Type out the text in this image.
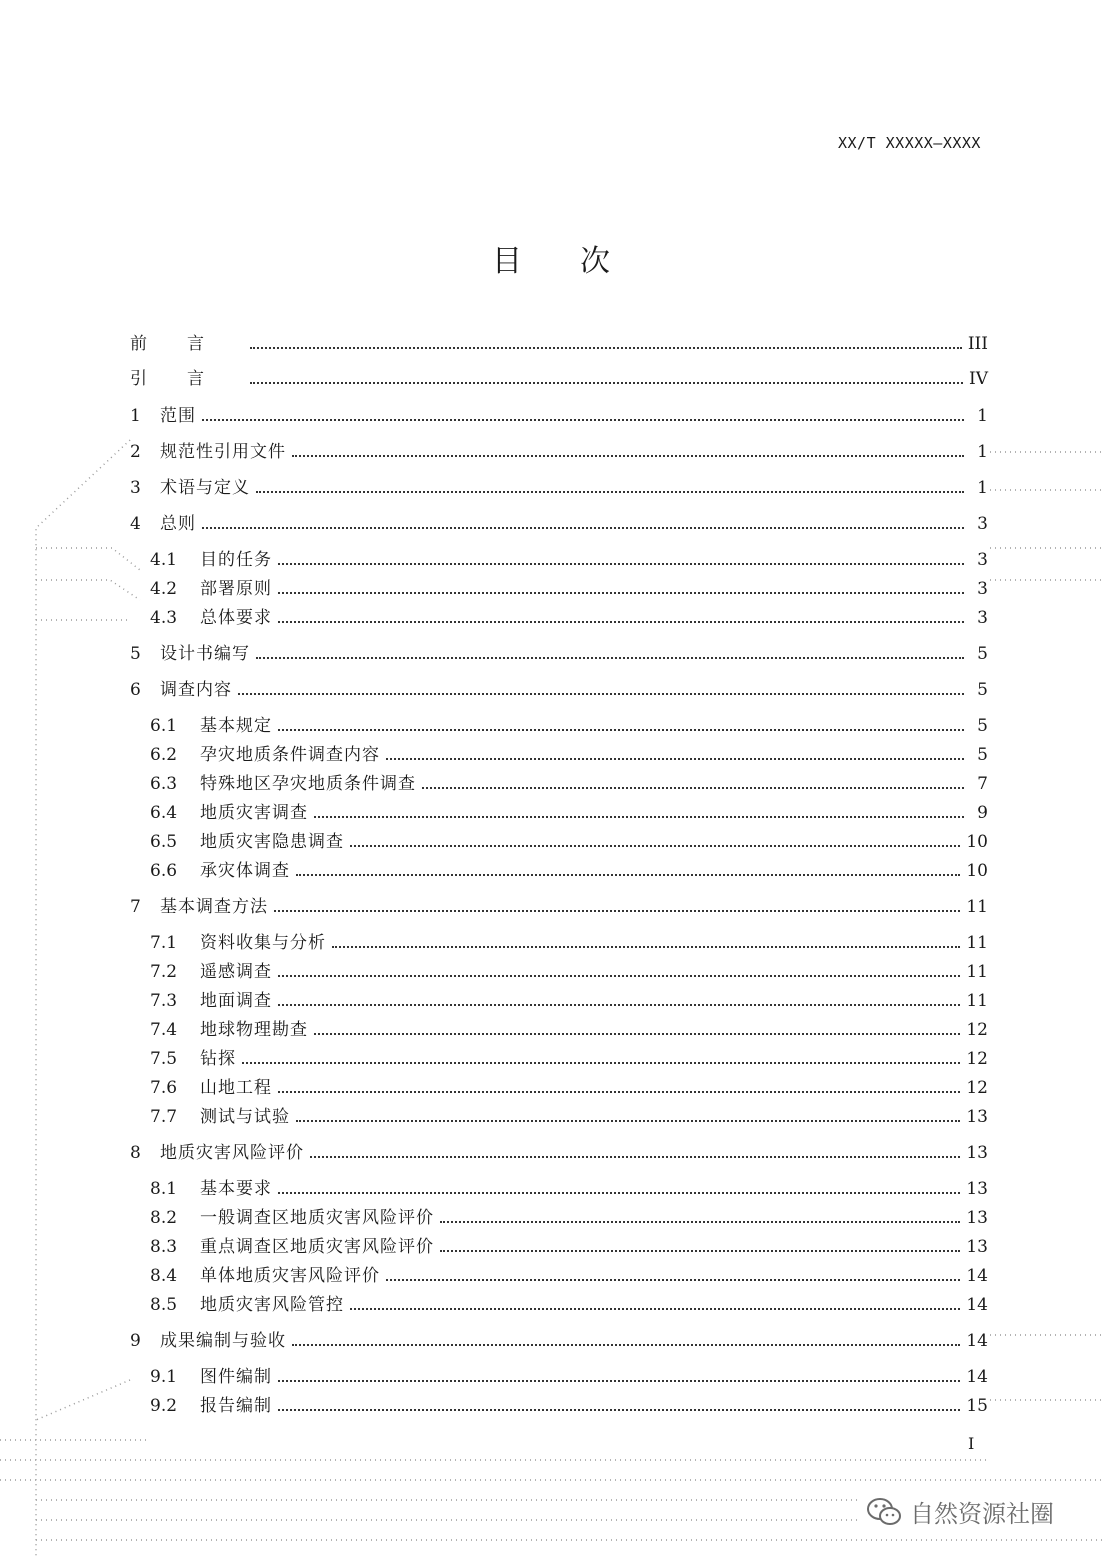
XX/T XXXXX—XXXX
目次
前言	III
引言	IV
1	范围	1
2	规范性引用文件	1
3	术语与定义	1
4	总则	3
4.1	目的任务	3
4.2	部署原则	3
4.3	总体要求	3
5	设计书编写	5
6	调查内容	5
6.1	基本规定	5
6.2	孕灾地质条件调查内容	5
6.3	特殊地区孕灾地质条件调查	7
6.4	地质灾害调查	9
6.5	地质灾害隐患调查	10
6.6	承灾体调查	10
7	基本调查方法	11
7.1	资料收集与分析	11
7.2	遥感调查	11
7.3	地面调查	11
7.4	地球物理勘查	12
7.5	钻探	12
7.6	山地工程	12
7.7	测试与试验	13
8	地质灾害风险评价	13
8.1	基本要求	13
8.2	一般调查区地质灾害风险评价	13
8.3	重点调查区地质灾害风险评价	13
8.4	单体地质灾害风险评价	14
8.5	地质灾害风险管控	14
9	成果编制与验收	14
9.1	图件编制	14
9.2	报告编制	15
I
自然资源社圈
